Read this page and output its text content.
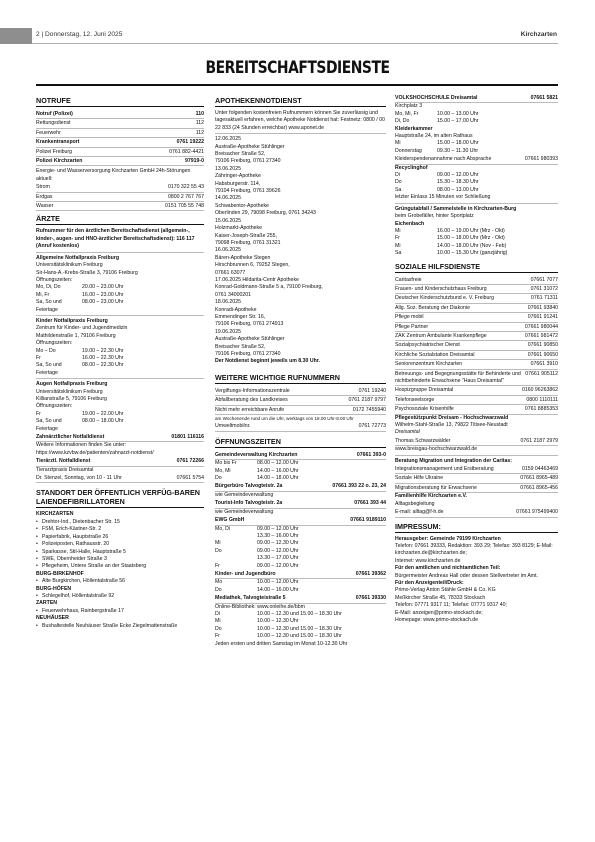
2 | Donnerstag, 12. Juni 2025	Kirchzarten
BEREITSCHAFTSDIENSTE
NOTRUFE
Notruf (Polizei)	110
Rettungsdienst	112
Feuerwehr	112
Krankentransport	0761 19222
Polizei Freiburg	0761 882-4421
Polizei Kirchzarten	97919-0
Energie- und Wasserversorgung Kirchzarten GmbH 24h-Störungen aktuell:
Strom	0170 322 55 43
Erdgas	0800 2 767 767
Wasser	0151 705 55 748
ÄRZTE
Rufnummer für den ärztlichen Bereitschaftsdienst (allgemein-, kinder-, augen- und HNO-ärztlicher Bereitschaftsdienst): 116 117 (Anruf kostenlos)
Allgemeine Notfallpraxis Freiburg
Universitätsklinikum Freiburg
Sir-Hans-A.-Krebs-Straße 3, 79106 Freiburg
Öffnungszeiten:
Mo, Di, Do	20.00 – 23.00 Uhr
Mi, Fr	16.00 – 23.00 Uhr
Sa, So und Feiertage
08.00 – 23.00 Uhr
Kinder Notfallpraxis Freiburg
Zentrum für Kinder- und Jugendmedizin
Mathildenstraße 1, 79106 Freiburg
Öffnungszeiten:
Mo – Do	19.00 – 22.30 Uhr
Fr	16.00 – 22.30 Uhr
Sa, So und Feiertage
08.00 – 22.30 Uhr
Augen Notfallpraxis Freiburg
Universitätsklinikum Freiburg
Killianstraße 5, 79106 Freiburg
Öffnungszeiten:
Fr	19.00 – 22.00 Uhr
Sa, So und Feiertage
08.00 – 18.00 Uhr
Zahnärztlicher Notfalldienst	01801 116116
Weitere Informationen finden Sie unter: https://www.kzvbw.de/patienten/zahnarzt-notdienst/
Tierärztl. Notfalldienst	0761 72266
Tierarztpraxis Dreisamtal
Dr. Stenzel, Sonntag, von 10 - 11 Uhr	07661 5754
STANDORT DER ÖFFENTLICH VERFÜG-BAREN LAIENDEFIBRILLATOREN
KIRCHZARTEN
• Drehtor-Ind., Dietenbacher Str. 15
• FSM, Erich-Kästner-Str. 2
• Papierfabrik, Hauptstraße 26
• Polizeiposten, Rathausstr. 20
• Sparkasse, Stil-Halle, Hauptstraße 5
• SWE, Obernheider Straße 3
• Pflegeheim, Untere Straße an der Staatsberg
BURG-BIRKENHOF
• Alte Burgkirchen, Höllentalstraße 56
BURG-HÖFEN
• Schlegelhof, Höllentalstraße 92
ZARTEN
• Feuerwehrhaus, Rainbergstraße 17
NEUHÄUSER
• Bushaltestelle Neuhäuser Straße Ecke Ziegelmattenstraße
APOTHEKENNOTDIENST
Unter folgenden kostenfreien Rufnummern können Sie zuverlässig und tagesaktuell erfahren, welche Apotheke Notdienst hat: Festnetz: 0800 / 00 22 833 (24 Stunden erreichbar) www.aponet.de
12.06.2025
Austraße-Apotheke Stühlinger
Breisacher Straße 52,
79106 Freiburg, 0761 27340
13.06.2025
Zähringer-Apotheke
Habsburgerstr. 114,
79104 Freiburg, 0761 39626
14.06.2025
Schwabentor-Apotheke
Oberlinden 29, 79098 Freiburg, 0761 34243
15.06.2025
Holzmarkt-Apotheke
Kaiser-Joseph-Straße 255,
79098 Freiburg, 0761 31321
16.06.2025
Bären-Apotheke Stegen
Hirschbrunnen 6, 79252 Stegen,
07661 63077
17.06.2025 Hildarita-Centr Apotheke
Konrad-Goldmann-Straße 5 a, 79100 Freiburg,
0761 34000201
18.06.2025
Konradi-Apotheke
Emmendinger Str. 16,
79106 Freiburg, 0761 274913
19.06.2025
Austraße-Apotheke Stühlinger
Breisacher Straße 52,
79106 Freiburg, 0761 27340
Der Notdienst beginnt jeweils um 8.30 Uhr.
WEITERE WICHTIGE RUFNUMMERN
Vergiftungs-Informationszentrale	0761 19240
Abfallberatung des Landkreises	0761 2187 9797
Nicht mehr erreichbare Anrufe	0172 7455940
am Wochenende rund um die Uhr, werktags von 18.00 Uhr-8.00 Uhr
Umweltmobilnr.	0761 72773
ÖFFNUNGSZEITEN
Gemeindeverwaltung Kirchzarten	07661 393-0
Mo bis Fr	08.00 – 12.00 Uhr
Mo, Mi	14.00 – 16.00 Uhr
Do	14.00 – 18.00 Uhr
Bürgerbüro Talvogteistr. 2a	07661 393 22 o. 23, 24
wie Gemeindeverwaltung
Tourist-Info Talvogteistr. 2a	07661 393 44
wie Gemeindeverwaltung
EWG GmbH	07661 9189110
Mo, Di	09.00 – 12.00 Uhr
13.30 – 16.00 Uhr
Mi	09.00 – 12.30 Uhr
Do	09.00 – 12.00 Uhr
13.30 – 17.00 Uhr
Fr	09.00 – 12.00 Uhr
Kinder- und Jugendbüro	07661 39362
Mo	10.00 – 12.00 Uhr
Do	14.00 – 16.00 Uhr
Mediathek, Talvogteistraße 5	07661 39330
Online-Bibliothek: www.onleihe.de/bbm
Di	10.00 – 12.30 und 15.00 – 18.30 Uhr
Mi	10.00 – 12.30 Uhr
Do	10.00 – 12.30 und 15.00 – 18.30 Uhr
Fr	10.00 – 12.30 und 15.00 – 18.30 Uhr
Jeden ersten und dritten Samstag im Monat 10-12.30 Uhr
VOLKSHOCHSCHULE Dreisamtal	07661 5821
Kirchplatz 3
Mo, Mi, Fr	10.00 – 13.00 Uhr
Di, Do	15.00 – 17.00 Uhr
Kleiderkammer
Hauptstraße 24, im alten Rathaus
Mi	15.00 – 18.00 Uhr
Donnerstag	09.30 – 11.30 Uhr
Kleiderspendenannahme nach Absprache	07661 980393
Recyclinghof
Di	09.00 – 12.00 Uhr
Do	15.30 – 18.30 Uhr
Sa	08.00 – 13.00 Uhr
letzter Einlass 15 Minuten vor Schließung
Grüngutabfall / Sammelstelle in Kirchzarten-Burg
beim Grobefäller, hinter Sportplatz
Eichenbach
Mi	16.00 – 19.00 Uhr (Mrz - Okt)
Fr	15.00 – 18.00 Uhr (Mrz - Okt)
Mi	14.00 – 18.00 Uhr (Nov - Feb)
Sa	10.00 – 15.30 Uhr (ganzjährig)
SOZIALE HILFSDIENSTE
Caritasfreie	07661 7077
Frauen- und Kinderschutzhaus Freiburg	0761 31072
Deutscher Kinderschutzbund e. V. Freiburg	0761 71311
Allg. Soz. Beratung der Diakonie	07661 93840
Pflege mobil	07661 91241
Pflege Partner	07661 980044
ZAK Zentrum Ambulante Krankenpflege	07661 981472
Sozialpsychiatrischer Dienst	07661 90850
Kirchliche Sozialstation Dreisamtal	07661 90650
Seniorenzentrum Kirchzarten	07661 3910
Betreuungs- und Begegnungsstätte für Behinderte und nichtbehinderte Erwachsene "Haus Dreisamtal"
07661 905112
Hospizgruppe Dreisamtal	0160 96263862
Telefonseelsorge	0800 1110111
Psychosoziale Krisenhilfe	0761 8885353
Pflegestützpunkt Dreisam - Hochschwarzwald
Wilhelm-Stahl-Straße 13, 79822 Titisee-Neustadt
Dreisamtal
Thomas Schwarzwälder	0761 2187 2979
www.breisgau-hochschwarzwald.de
Beratung Migration und Integration der Caritas:
Integrationsmanagement und Erstberatung	0159 04463469
Soziale Hilfe Ukraine	07661 8965-489
Migrationsberatung für Erwachsene	07661 8965-456
Familienhilfe Kirchzarten e.V.
Alltagsbegleitung
E-mail: alltag@f-h.de	07661 975499400
IMPRESSUM:
Herausgeber: Gemeinde 79199 Kirchzarten
Telefon: 07661 39333, Redaktion: 393 29; Telefax: 393 8129; E-Mail: kirchzarten.de@kirchzarten.de;
Internet: www.kirchzarten.de
Für den amtlichen und nichtamtlichen Teil:
Bürgermeister Andreas Hall oder dessen Stellvertreter im Amt.
Für den Anzeigenteil/Druck:
Primo-Verlag Anton Stähle GmbH & Co. KG
Meßkircher Straße 45, 78333 Stockach
Telefon: 07771 9317 11; Telefax: 07771 9317 40;
E-Mail: anzeigen@primo-stockach.de;
Homepage: www.primo-stockach.de
